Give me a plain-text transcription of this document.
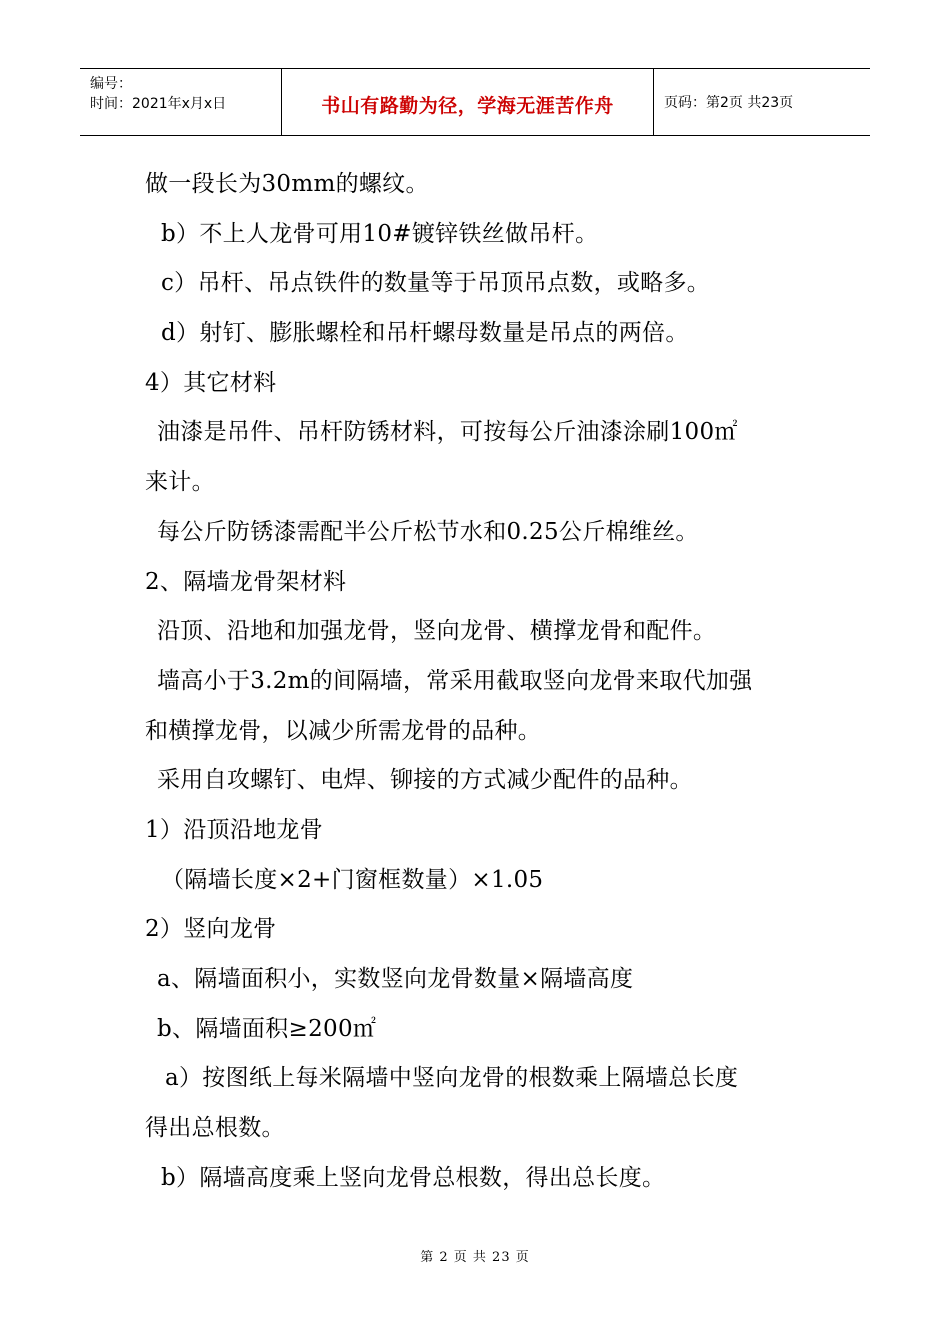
编号：
时间：2021年x月x日	书山有路勤为径，学海无涯苦作舟	页码：第2页 共23页
做一段长为30mm的螺纹。
b）不上人龙骨可用10#镀锌铁丝做吊杆。
c）吊杆、吊点铁件的数量等于吊顶吊点数，或略多。
d）射钉、膨胀螺栓和吊杆螺母数量是吊点的两倍。
4）其它材料
油漆是吊件、吊杆防锈材料，可按每公斤油漆涂刷100㎡
来计。
每公斤防锈漆需配半公斤松节水和0.25公斤棉维丝。
2、隔墙龙骨架材料
沿顶、沿地和加强龙骨，竖向龙骨、横撑龙骨和配件。
墙高小于3.2m的间隔墙，常采用截取竖向龙骨来取代加强
和横撑龙骨，以减少所需龙骨的品种。
采用自攻螺钉、电焊、铆接的方式减少配件的品种。
1）沿顶沿地龙骨
（隔墙长度×2+门窗框数量）×1.05
2）竖向龙骨
a、隔墙面积小，实数竖向龙骨数量×隔墙高度
b、隔墙面积≥200㎡
a）按图纸上每米隔墙中竖向龙骨的根数乘上隔墙总长度
得出总根数。
b）隔墙高度乘上竖向龙骨总根数，得出总长度。
第 2 页 共 23 页
